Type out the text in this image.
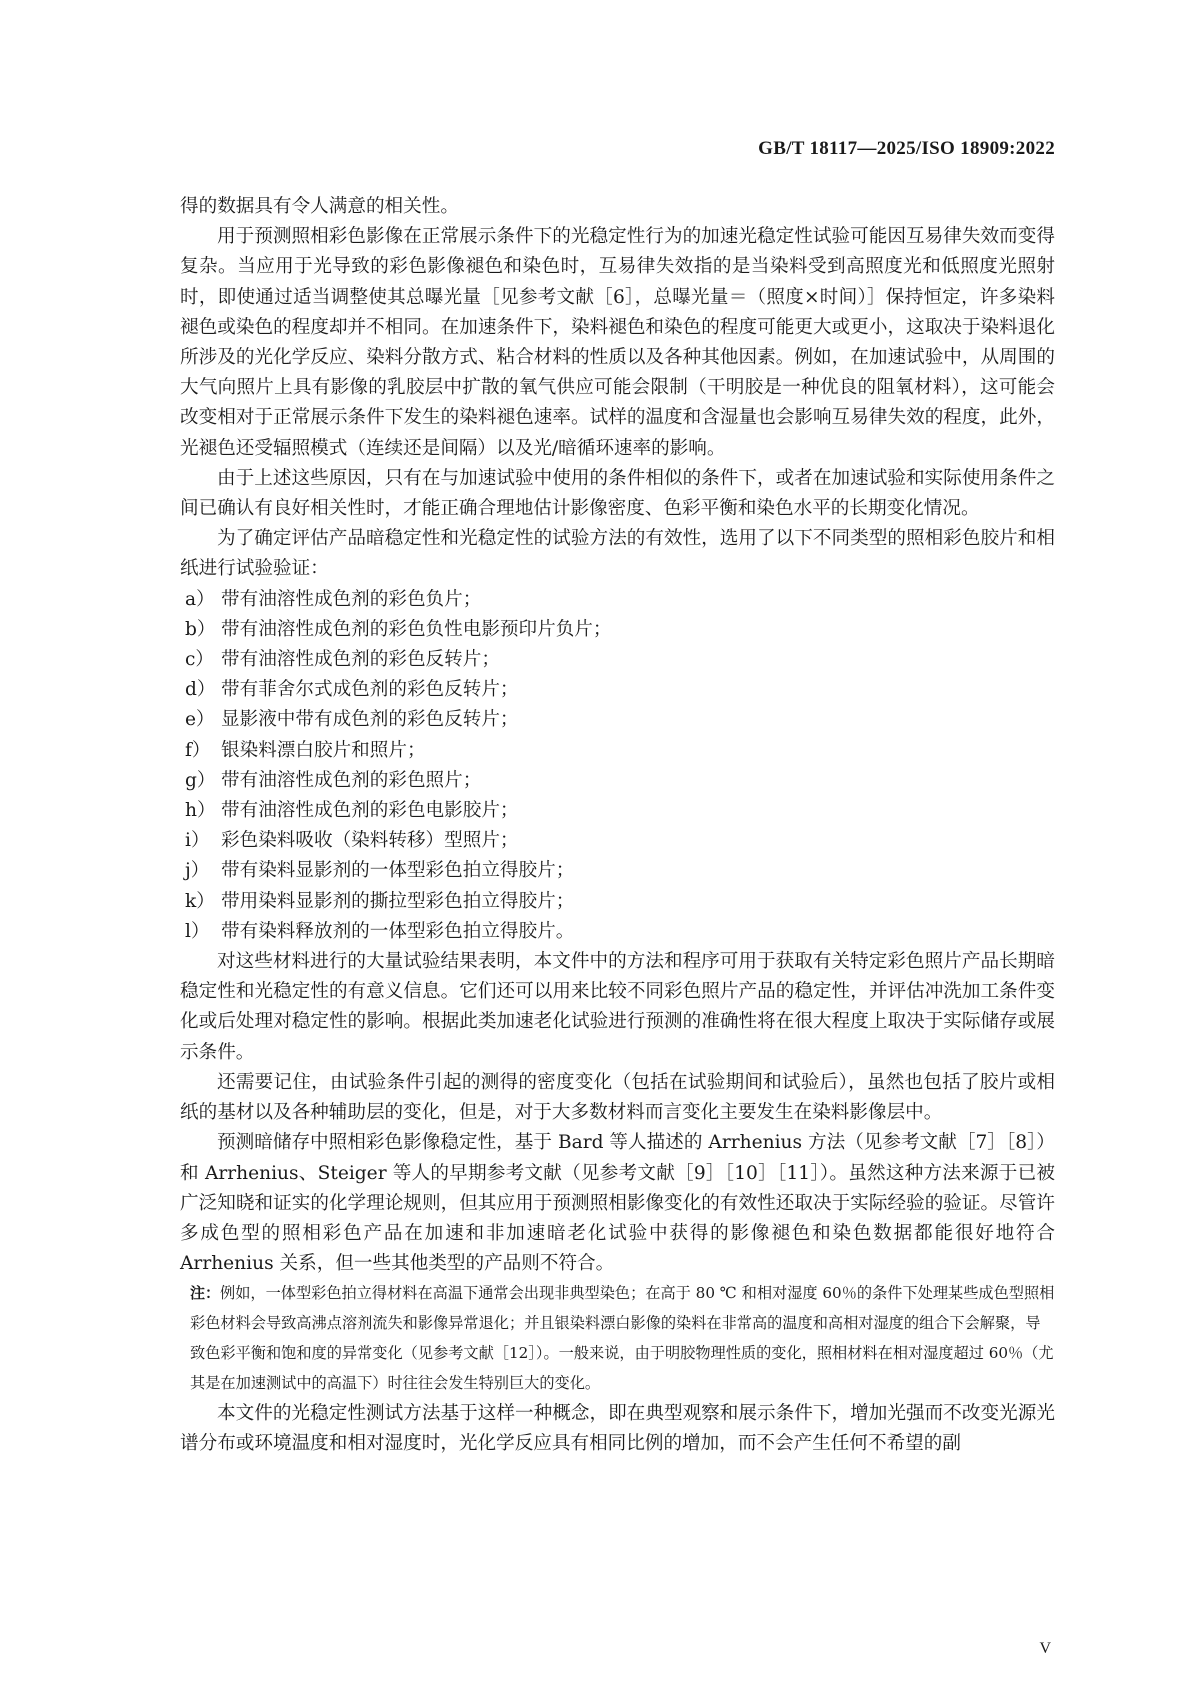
GB/T 18117—2025/ISO 18909:2022

得的数据具有令人满意的相关性。

用于预测照相彩色影像在正常展示条件下的光稳定性行为的加速光稳定性试验可能因互易律失效而变得复杂。当应用于光导致的彩色影像褪色和染色时，互易律失效指的是当染料受到高照度光和低照度光照射时，即使通过适当调整使其总曝光量［见参考文献［6］，总曝光量＝（照度×时间）］保持恒定，许多染料褪色或染色的程度却并不相同。在加速条件下，染料褪色和染色的程度可能更大或更小，这取决于染料退化所涉及的光化学反应、染料分散方式、粘合材料的性质以及各种其他因素。例如，在加速试验中，从周围的大气向照片上具有影像的乳胶层中扩散的氧气供应可能会限制（干明胶是一种优良的阻氧材料），这可能会改变相对于正常展示条件下发生的染料褪色速率。试样的温度和含湿量也会影响互易律失效的程度，此外，光褪色还受辐照模式（连续还是间隔）以及光/暗循环速率的影响。

由于上述这些原因，只有在与加速试验中使用的条件相似的条件下，或者在加速试验和实际使用条件之间已确认有良好相关性时，才能正确合理地估计影像密度、色彩平衡和染色水平的长期变化情况。

为了确定评估产品暗稳定性和光稳定性的试验方法的有效性，选用了以下不同类型的照相彩色胶片和相纸进行试验验证：

a） 带有油溶性成色剂的彩色负片；
b） 带有油溶性成色剂的彩色负性电影预印片负片；
c） 带有油溶性成色剂的彩色反转片；
d） 带有菲舍尔式成色剂的彩色反转片；
e） 显影液中带有成色剂的彩色反转片；
f） 银染料漂白胶片和照片；
g） 带有油溶性成色剂的彩色照片；
h） 带有油溶性成色剂的彩色电影胶片；
i） 彩色染料吸收（染料转移）型照片；
j） 带有染料显影剂的一体型彩色拍立得胶片；
k） 带用染料显影剂的撕拉型彩色拍立得胶片；
l） 带有染料释放剂的一体型彩色拍立得胶片。

对这些材料进行的大量试验结果表明，本文件中的方法和程序可用于获取有关特定彩色照片产品长期暗稳定性和光稳定性的有意义信息。它们还可以用来比较不同彩色照片产品的稳定性，并评估冲洗加工条件变化或后处理对稳定性的影响。根据此类加速老化试验进行预测的准确性将在很大程度上取决于实际储存或展示条件。

还需要记住，由试验条件引起的测得的密度变化（包括在试验期间和试验后），虽然也包括了胶片或相纸的基材以及各种辅助层的变化，但是，对于大多数材料而言变化主要发生在染料影像层中。

预测暗储存中照相彩色影像稳定性，基于 Bard 等人描述的 Arrhenius 方法（见参考文献［7］［8］）和 Arrhenius、Steiger 等人的早期参考文献（见参考文献［9］［10］［11］）。虽然这种方法来源于已被广泛知晓和证实的化学理论规则，但其应用于预测照相影像变化的有效性还取决于实际经验的验证。尽管许多成色型的照相彩色产品在加速和非加速暗老化试验中获得的影像褪色和染色数据都能很好地符合 Arrhenius 关系，但一些其他类型的产品则不符合。

注：例如，一体型彩色拍立得材料在高温下通常会出现非典型染色；在高于 80 ℃ 和相对湿度 60％的条件下处理某些成色型照相彩色材料会导致高沸点溶剂流失和影像异常退化；并且银染料漂白影像的染料在非常高的温度和高相对湿度的组合下会解聚，导致色彩平衡和饱和度的异常变化（见参考文献［12］）。一般来说，由于明胶物理性质的变化，照相材料在相对湿度超过 60％（尤其是在加速测试中的高温下）时往往会发生特别巨大的变化。

本文件的光稳定性测试方法基于这样一种概念，即在典型观察和展示条件下，增加光强而不改变光源光谱分布或环境温度和相对湿度时，光化学反应具有相同比例的增加，而不会产生任何不希望的副

V
